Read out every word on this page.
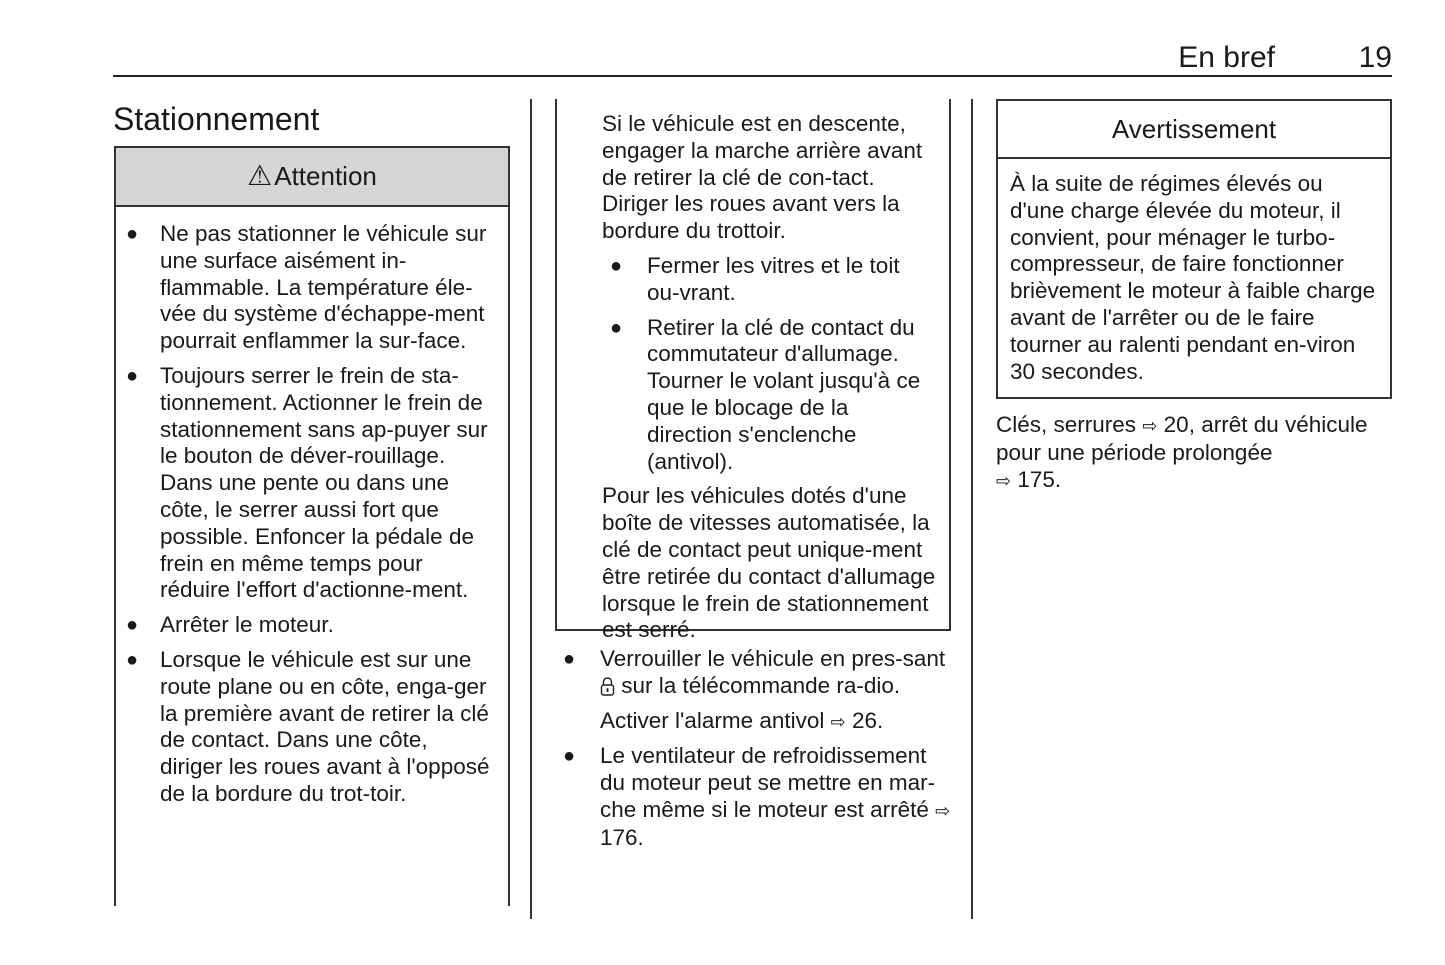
En bref	19
Stationnement
⚠ Attention
● Ne pas stationner le véhicule sur une surface aisément in-flammable. La température éle-vée du système d'échappe-ment pourrait enflammer la sur-face.
● Toujours serrer le frein de sta-tionnement. Actionner le frein de stationnement sans ap-puyer sur le bouton de déver-rouillage. Dans une pente ou dans une côte, le serrer aussi fort que possible. Enfoncer la pédale de frein en même temps pour réduire l'effort d'actionne-ment.
● Arrêter le moteur.
● Lorsque le véhicule est sur une route plane ou en côte, enga-ger la première avant de retirer la clé de contact. Dans une côte, diriger les roues avant à l'opposé de la bordure du trot-toir.
Si le véhicule est en descente, engager la marche arrière avant de retirer la clé de con-tact. Diriger les roues avant vers la bordure du trottoir.
● Fermer les vitres et le toit ou-vrant.
● Retirer la clé de contact du commutateur d'allumage. Tourner le volant jusqu'à ce que le blocage de la direction s'enclenche (antivol).
Pour les véhicules dotés d'une boîte de vitesses automatisée, la clé de contact peut unique-ment être retirée du contact d'allumage lorsque le frein de stationnement est serré.
● Verrouiller le véhicule en pres-sant  sur la télécommande ra-dio.
Activer l'alarme antivol ⇨ 26.
● Le ventilateur de refroidissement du moteur peut se mettre en mar-che même si le moteur est arrêté ⇨ 176.
Avertissement
À la suite de régimes élevés ou d'une charge élevée du moteur, il convient, pour ménager le turbo-compresseur, de faire fonctionner brièvement le moteur à faible charge avant de l'arrêter ou de le faire tourner au ralenti pendant en-viron 30 secondes.
Clés, serrures ⇨ 20, arrêt du véhicule pour une période prolongée
⇨ 175.
